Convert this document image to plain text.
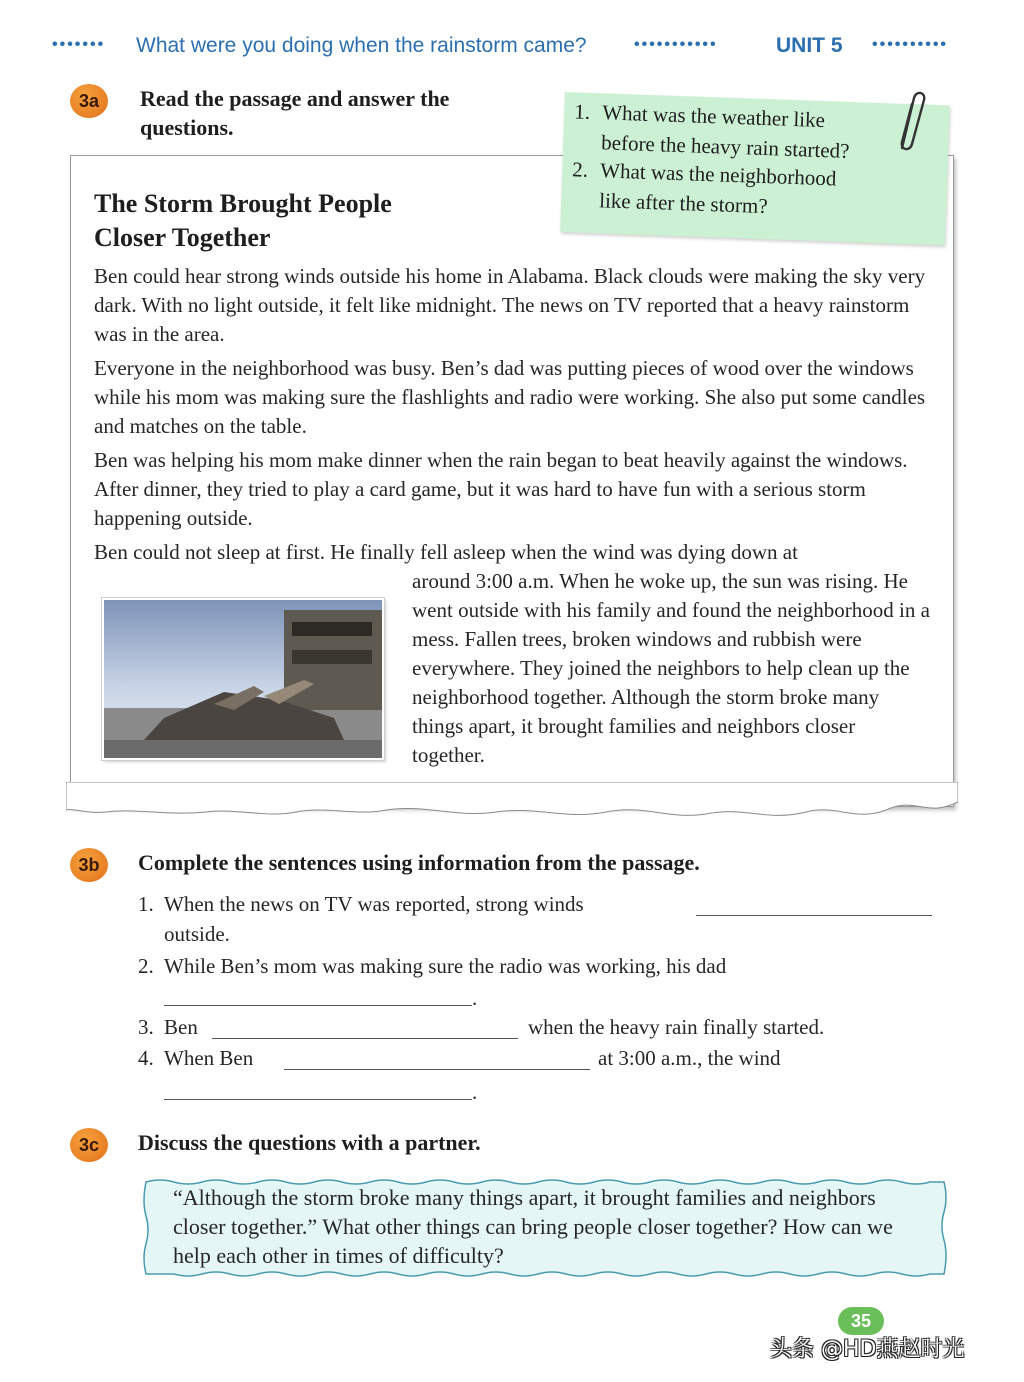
••••••• What were you doing when the rainstorm came?	•••••••••••	UNIT 5 ••••••••••
3a	Read the passage and answer the questions.
1. What was the weather like
before the heavy rain started?
2. What was the neighborhood
like after the storm?
The Storm Brought People
Closer Together

Ben could hear strong winds outside his home in Alabama. Black clouds were making the sky very dark. With no light outside, it felt like midnight. The news on TV reported that a heavy rainstorm was in the area.

Everyone in the neighborhood was busy. Ben’s dad was putting pieces of wood over the windows while his mom was making sure the flashlights and radio were working. She also put some candles and matches on the table.

Ben was helping his mom make dinner when the rain began to beat heavily against the windows. After dinner, they tried to play a card game, but it was hard to have fun with a serious storm happening outside.

Ben could not sleep at first. He finally fell asleep when the wind was dying down at

around 3:00 a.m. When he woke up, the sun was rising. He went outside with his family and found the neighborhood in a mess. Fallen trees, broken windows and rubbish were everywhere. They joined the neighbors to help clean up the neighborhood together. Although the storm broke many things apart, it brought families and neighbors closer together.

3b	Complete the sentences using information from the passage.
1. When the news on TV was reported, strong winds
outside.
2. While Ben’s mom was making sure the radio was working, his dad
.
3. Ben	when the heavy rain finally started.
4. When Ben	at 3:00 a.m., the wind
.
3c	Discuss the questions with a partner.

“Although the storm broke many things apart, it brought families and neighbors closer together.” What other things can bring people closer together? How can we help each other in times of difficulty?

35
头条 @HD燕赵时光
